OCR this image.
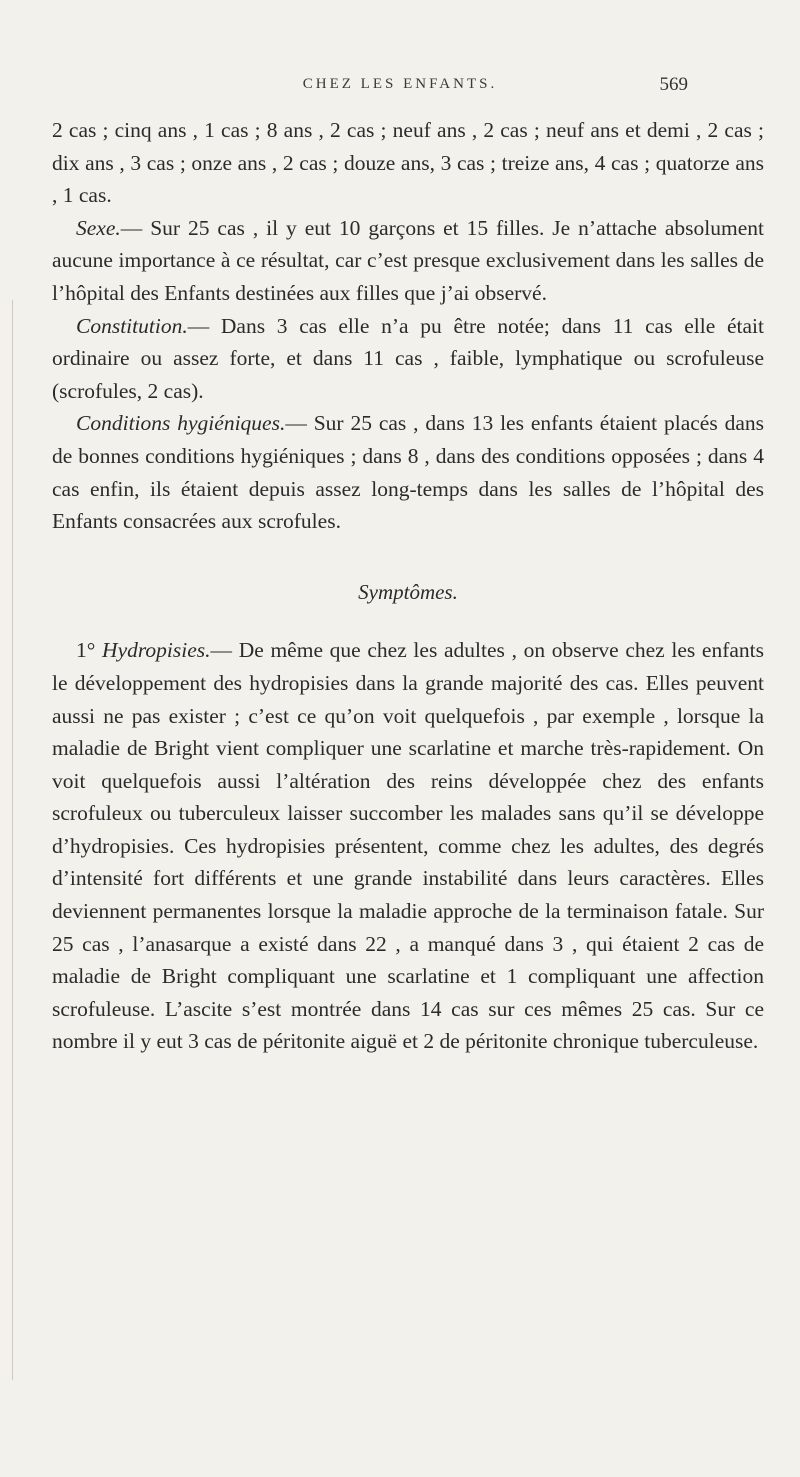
CHEZ LES ENFANTS.	569

2 cas ; cinq ans , 1 cas ; 8 ans , 2 cas ; neuf ans , 2 cas ; neuf ans et demi , 2 cas ; dix ans , 3 cas ; onze ans , 2 cas ; douze ans, 3 cas ; treize ans, 4 cas ; quatorze ans , 1 cas.

Sexe.— Sur 25 cas , il y eut 10 garçons et 15 filles. Je n’attache absolument aucune importance à ce résultat, car c’est presque exclusivement dans les salles de l’hôpital des Enfants destinées aux filles que j’ai observé.

Constitution.— Dans 3 cas elle n’a pu être notée; dans 11 cas elle était ordinaire ou assez forte, et dans 11 cas , faible, lymphatique ou scrofuleuse (scrofules, 2 cas).

Conditions hygiéniques.— Sur 25 cas , dans 13 les enfants étaient placés dans de bonnes conditions hygiéniques ; dans 8 , dans des conditions opposées ; dans 4 cas enfin, ils étaient depuis assez long-temps dans les salles de l’hôpital des Enfants consacrées aux scrofules.

Symptômes.

1° Hydropisies.— De même que chez les adultes , on observe chez les enfants le développement des hydropisies dans la grande majorité des cas. Elles peuvent aussi ne pas exister ; c’est ce qu’on voit quelquefois , par exemple , lorsque la maladie de Bright vient compliquer une scarlatine et marche très-rapidement. On voit quelquefois aussi l’altération des reins développée chez des enfants scrofuleux ou tuberculeux laisser succomber les malades sans qu’il se développe d’hydropisies. Ces hydropisies présentent, comme chez les adultes, des degrés d’intensité fort différents et une grande instabilité dans leurs caractères. Elles deviennent permanentes lorsque la maladie approche de la terminaison fatale. Sur 25 cas , l’anasarque a existé dans 22 , a manqué dans 3 , qui étaient 2 cas de maladie de Bright compliquant une scarlatine et 1 compliquant une affection scrofuleuse. L’ascite s’est montrée dans 14 cas sur ces mêmes 25 cas. Sur ce nombre il y eut 3 cas de péritonite aiguë et 2 de péritonite chronique tuberculeuse.
